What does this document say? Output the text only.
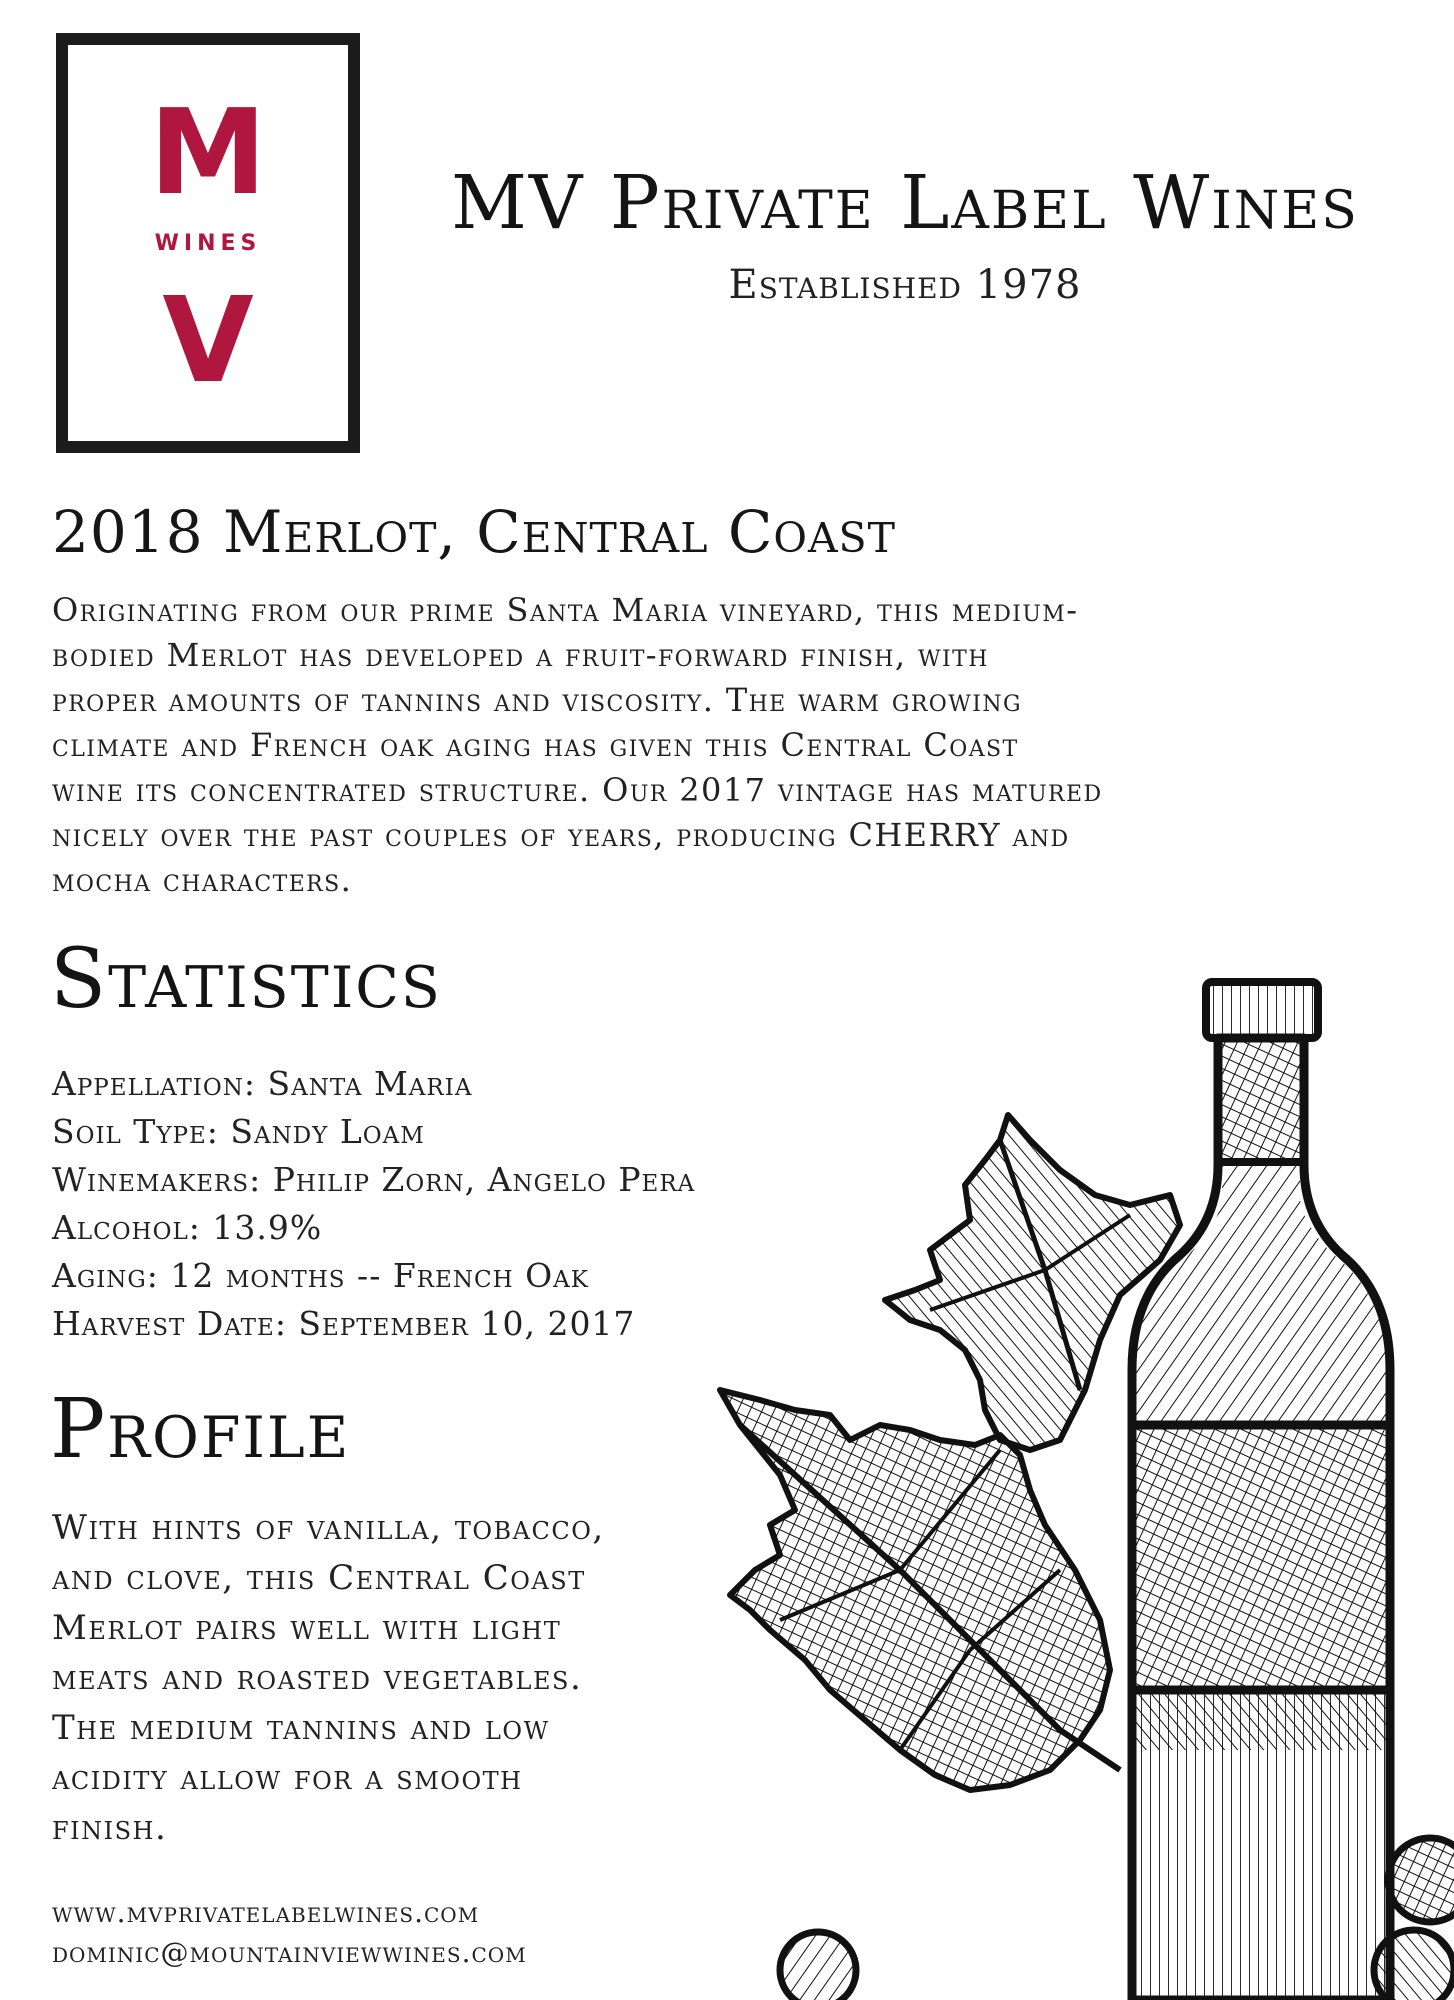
M
WINES
V
MV Private Label Wines
Established 1978
2018 Merlot, Central Coast
Originating from our prime Santa Maria vineyard, this medium-
bodied Merlot has developed a fruit-forward finish, with
proper amounts of tannins and viscosity. The warm growing
climate and French oak aging has given this Central Coast
wine its concentrated structure. Our 2017 vintage has matured
nicely over the past couples of years, producing CHERRY and
mocha characters.
Statistics
Appellation: Santa Maria
Soil Type: Sandy Loam
Winemakers: Philip Zorn, Angelo Pera
Alcohol: 13.9%
Aging: 12 months -- French Oak
Harvest Date: September 10, 2017
Profile
With hints of vanilla, tobacco,
and clove, this Central Coast
Merlot pairs well with light
meats and roasted vegetables.
The medium tannins and low
acidity allow for a smooth
finish.
www.mvprivatelabelwines.com
dominic@mountainviewwines.com
